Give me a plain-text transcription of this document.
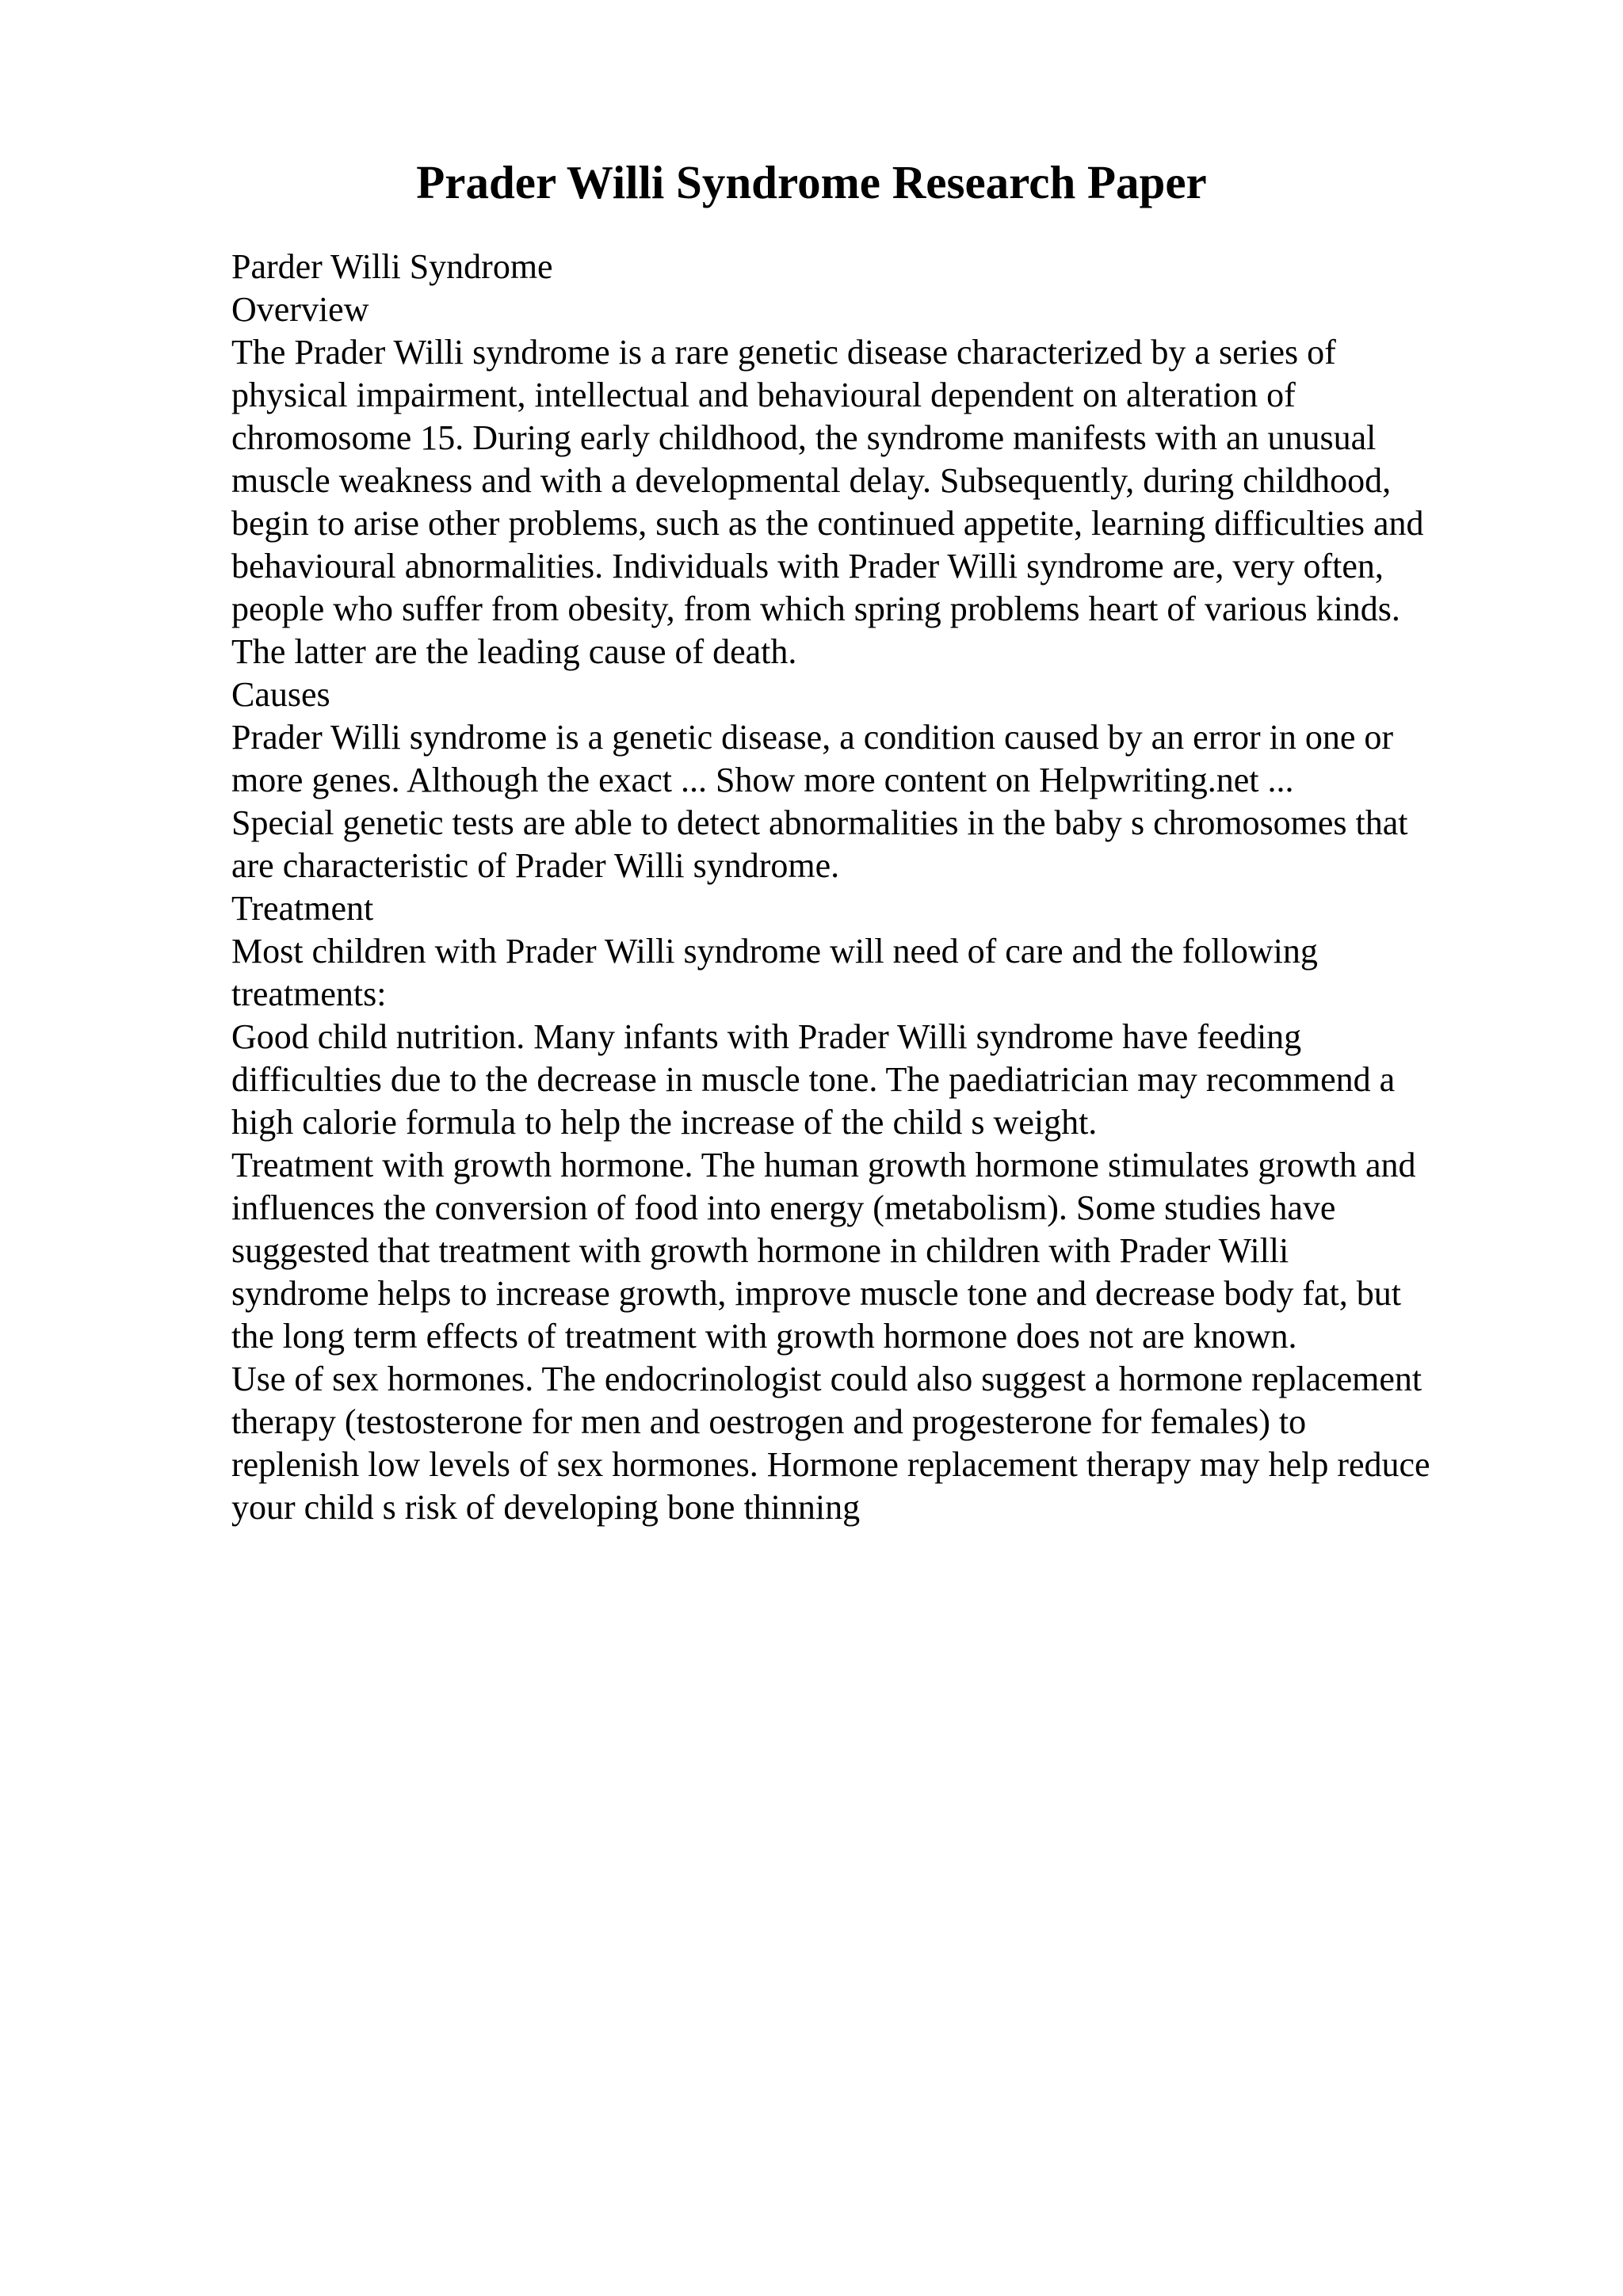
Prader Willi Syndrome Research Paper
Parder Willi Syndrome
Overview
The Prader Willi syndrome is a rare genetic disease characterized by a series of
physical impairment, intellectual and behavioural dependent on alteration of
chromosome 15. During early childhood, the syndrome manifests with an unusual
muscle weakness and with a developmental delay. Subsequently, during childhood,
begin to arise other problems, such as the continued appetite, learning difficulties and
behavioural abnormalities. Individuals with Prader Willi syndrome are, very often,
people who suffer from obesity, from which spring problems heart of various kinds.
The latter are the leading cause of death.
Causes
Prader Willi syndrome is a genetic disease, a condition caused by an error in one or
more genes. Although the exact ... Show more content on Helpwriting.net ...
Special genetic tests are able to detect abnormalities in the baby s chromosomes that
are characteristic of Prader Willi syndrome.
Treatment
Most children with Prader Willi syndrome will need of care and the following
treatments:
Good child nutrition. Many infants with Prader Willi syndrome have feeding
difficulties due to the decrease in muscle tone. The paediatrician may recommend a
high calorie formula to help the increase of the child s weight.
Treatment with growth hormone. The human growth hormone stimulates growth and
influences the conversion of food into energy (metabolism). Some studies have
suggested that treatment with growth hormone in children with Prader Willi
syndrome helps to increase growth, improve muscle tone and decrease body fat, but
the long term effects of treatment with growth hormone does not are known.
Use of sex hormones. The endocrinologist could also suggest a hormone replacement
therapy (testosterone for men and oestrogen and progesterone for females) to
replenish low levels of sex hormones. Hormone replacement therapy may help reduce
your child s risk of developing bone thinning
